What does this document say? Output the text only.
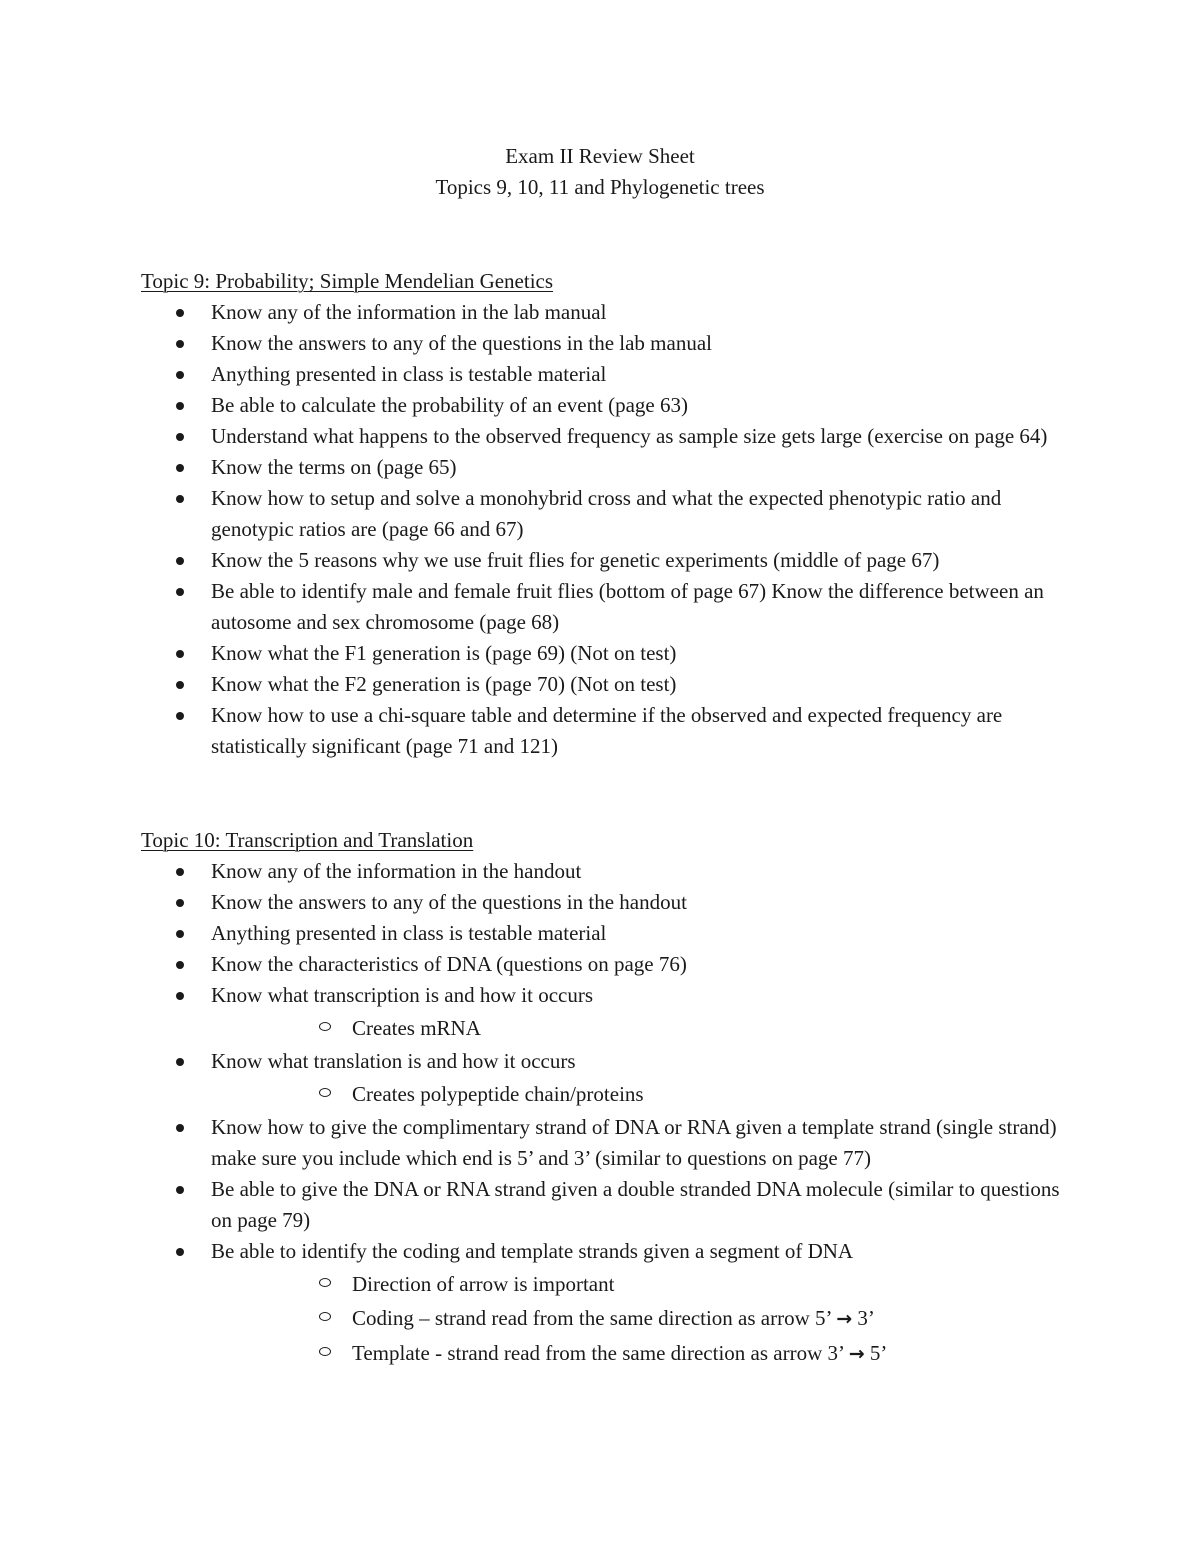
Exam II Review Sheet
Topics 9, 10, 11 and Phylogenetic trees
Topic 9: Probability; Simple Mendelian Genetics
Know any of the information in the lab manual
Know the answers to any of the questions in the lab manual
Anything presented in class is testable material
Be able to calculate the probability of an event (page 63)
Understand what happens to the observed frequency as sample size gets large (exercise on page 64)
Know the terms on (page 65)
Know how to setup and solve a monohybrid cross and what the expected phenotypic ratio and genotypic ratios are (page 66 and 67)
Know the 5 reasons why we use fruit flies for genetic experiments (middle of page 67)
Be able to identify male and female fruit flies (bottom of page 67) Know the difference between an autosome and sex chromosome (page 68)
Know what the F1 generation is (page 69) (Not on test)
Know what the F2 generation is (page 70) (Not on test)
Know how to use a chi-square table and determine if the observed and expected frequency are statistically significant (page 71 and 121)
Topic 10: Transcription and Translation
Know any of the information in the handout
Know the answers to any of the questions in the handout
Anything presented in class is testable material
Know the characteristics of DNA (questions on page 76)
Know what transcription is and how it occurs
Creates mRNA
Know what translation is and how it occurs
Creates polypeptide chain/proteins
Know how to give the complimentary strand of DNA or RNA given a template strand (single strand) make sure you include which end is 5’ and 3’ (similar to questions on page 77)
Be able to give the DNA or RNA strand given a double stranded DNA molecule (similar to questions on page 79)
Be able to identify the coding and template strands given a segment of DNA
Direction of arrow is important
Coding – strand read from the same direction as arrow 5’ → 3’
Template - strand read from the same direction as arrow 3’ → 5’
